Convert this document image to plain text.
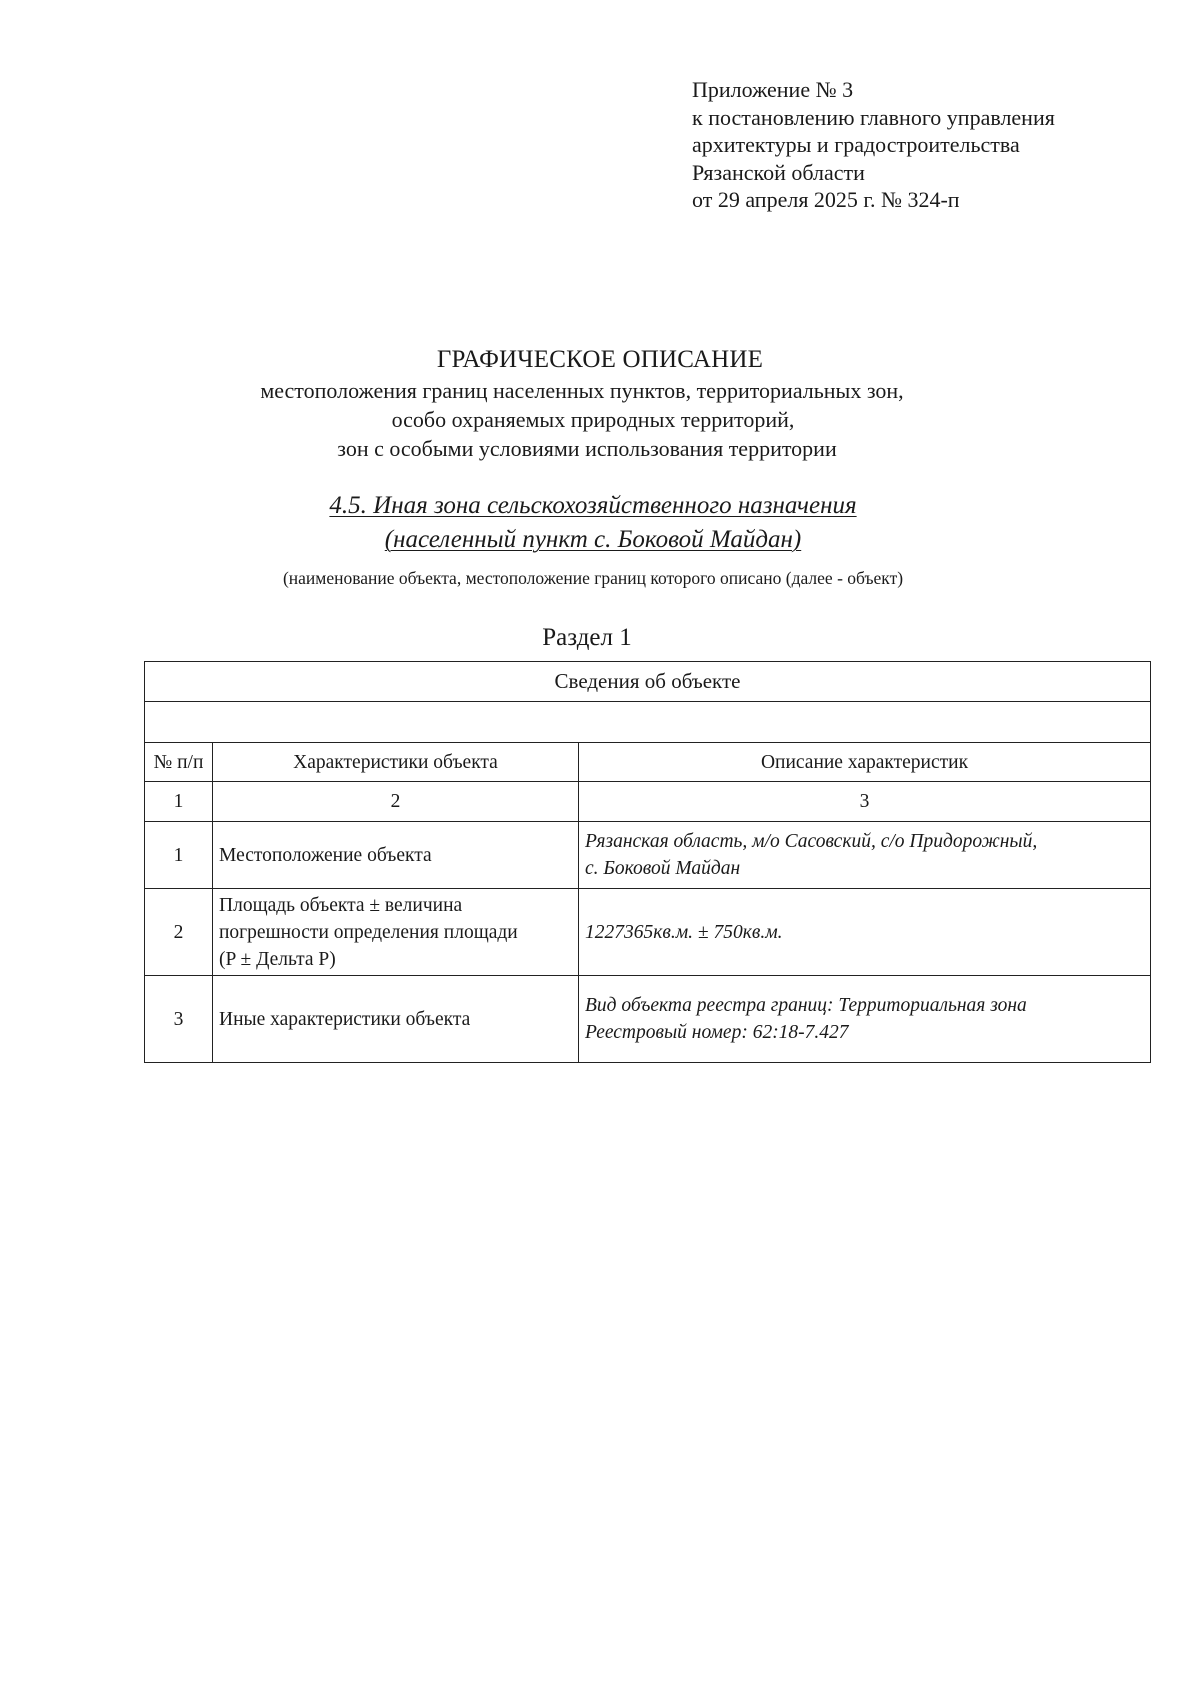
Приложение № 3
к постановлению главного управления
архитектуры и градостроительства
Рязанской области
от 29 апреля 2025 г. № 324-п
ГРАФИЧЕСКОЕ ОПИСАНИЕ
местоположения границ населенных пунктов, территориальных зон,
особо охраняемых природных территорий,
зон с особыми условиями использования территории
4.5. Иная зона сельскохозяйственного назначения
(населенный пункт с. Боковой Майдан)
(наименование объекта, местоположение границ которого описано (далее - объект)
Раздел 1
Сведения об объекте		

№ п/п	Характеристики объекта	Описание характеристик
1	2	3
1	Местоположение объекта	Рязанская область, м/о Сасовский, с/о Придорожный,
с. Боковой Майдан

2	Площадь объекта ± величина
погрешности определения площади
(P ± Дельта P)	1227365кв.м. ± 750кв.м.

3	Иные характеристики объекта	Вид объекта реестра границ: Территориальная зона
Реестровый номер: 62:18-7.427
